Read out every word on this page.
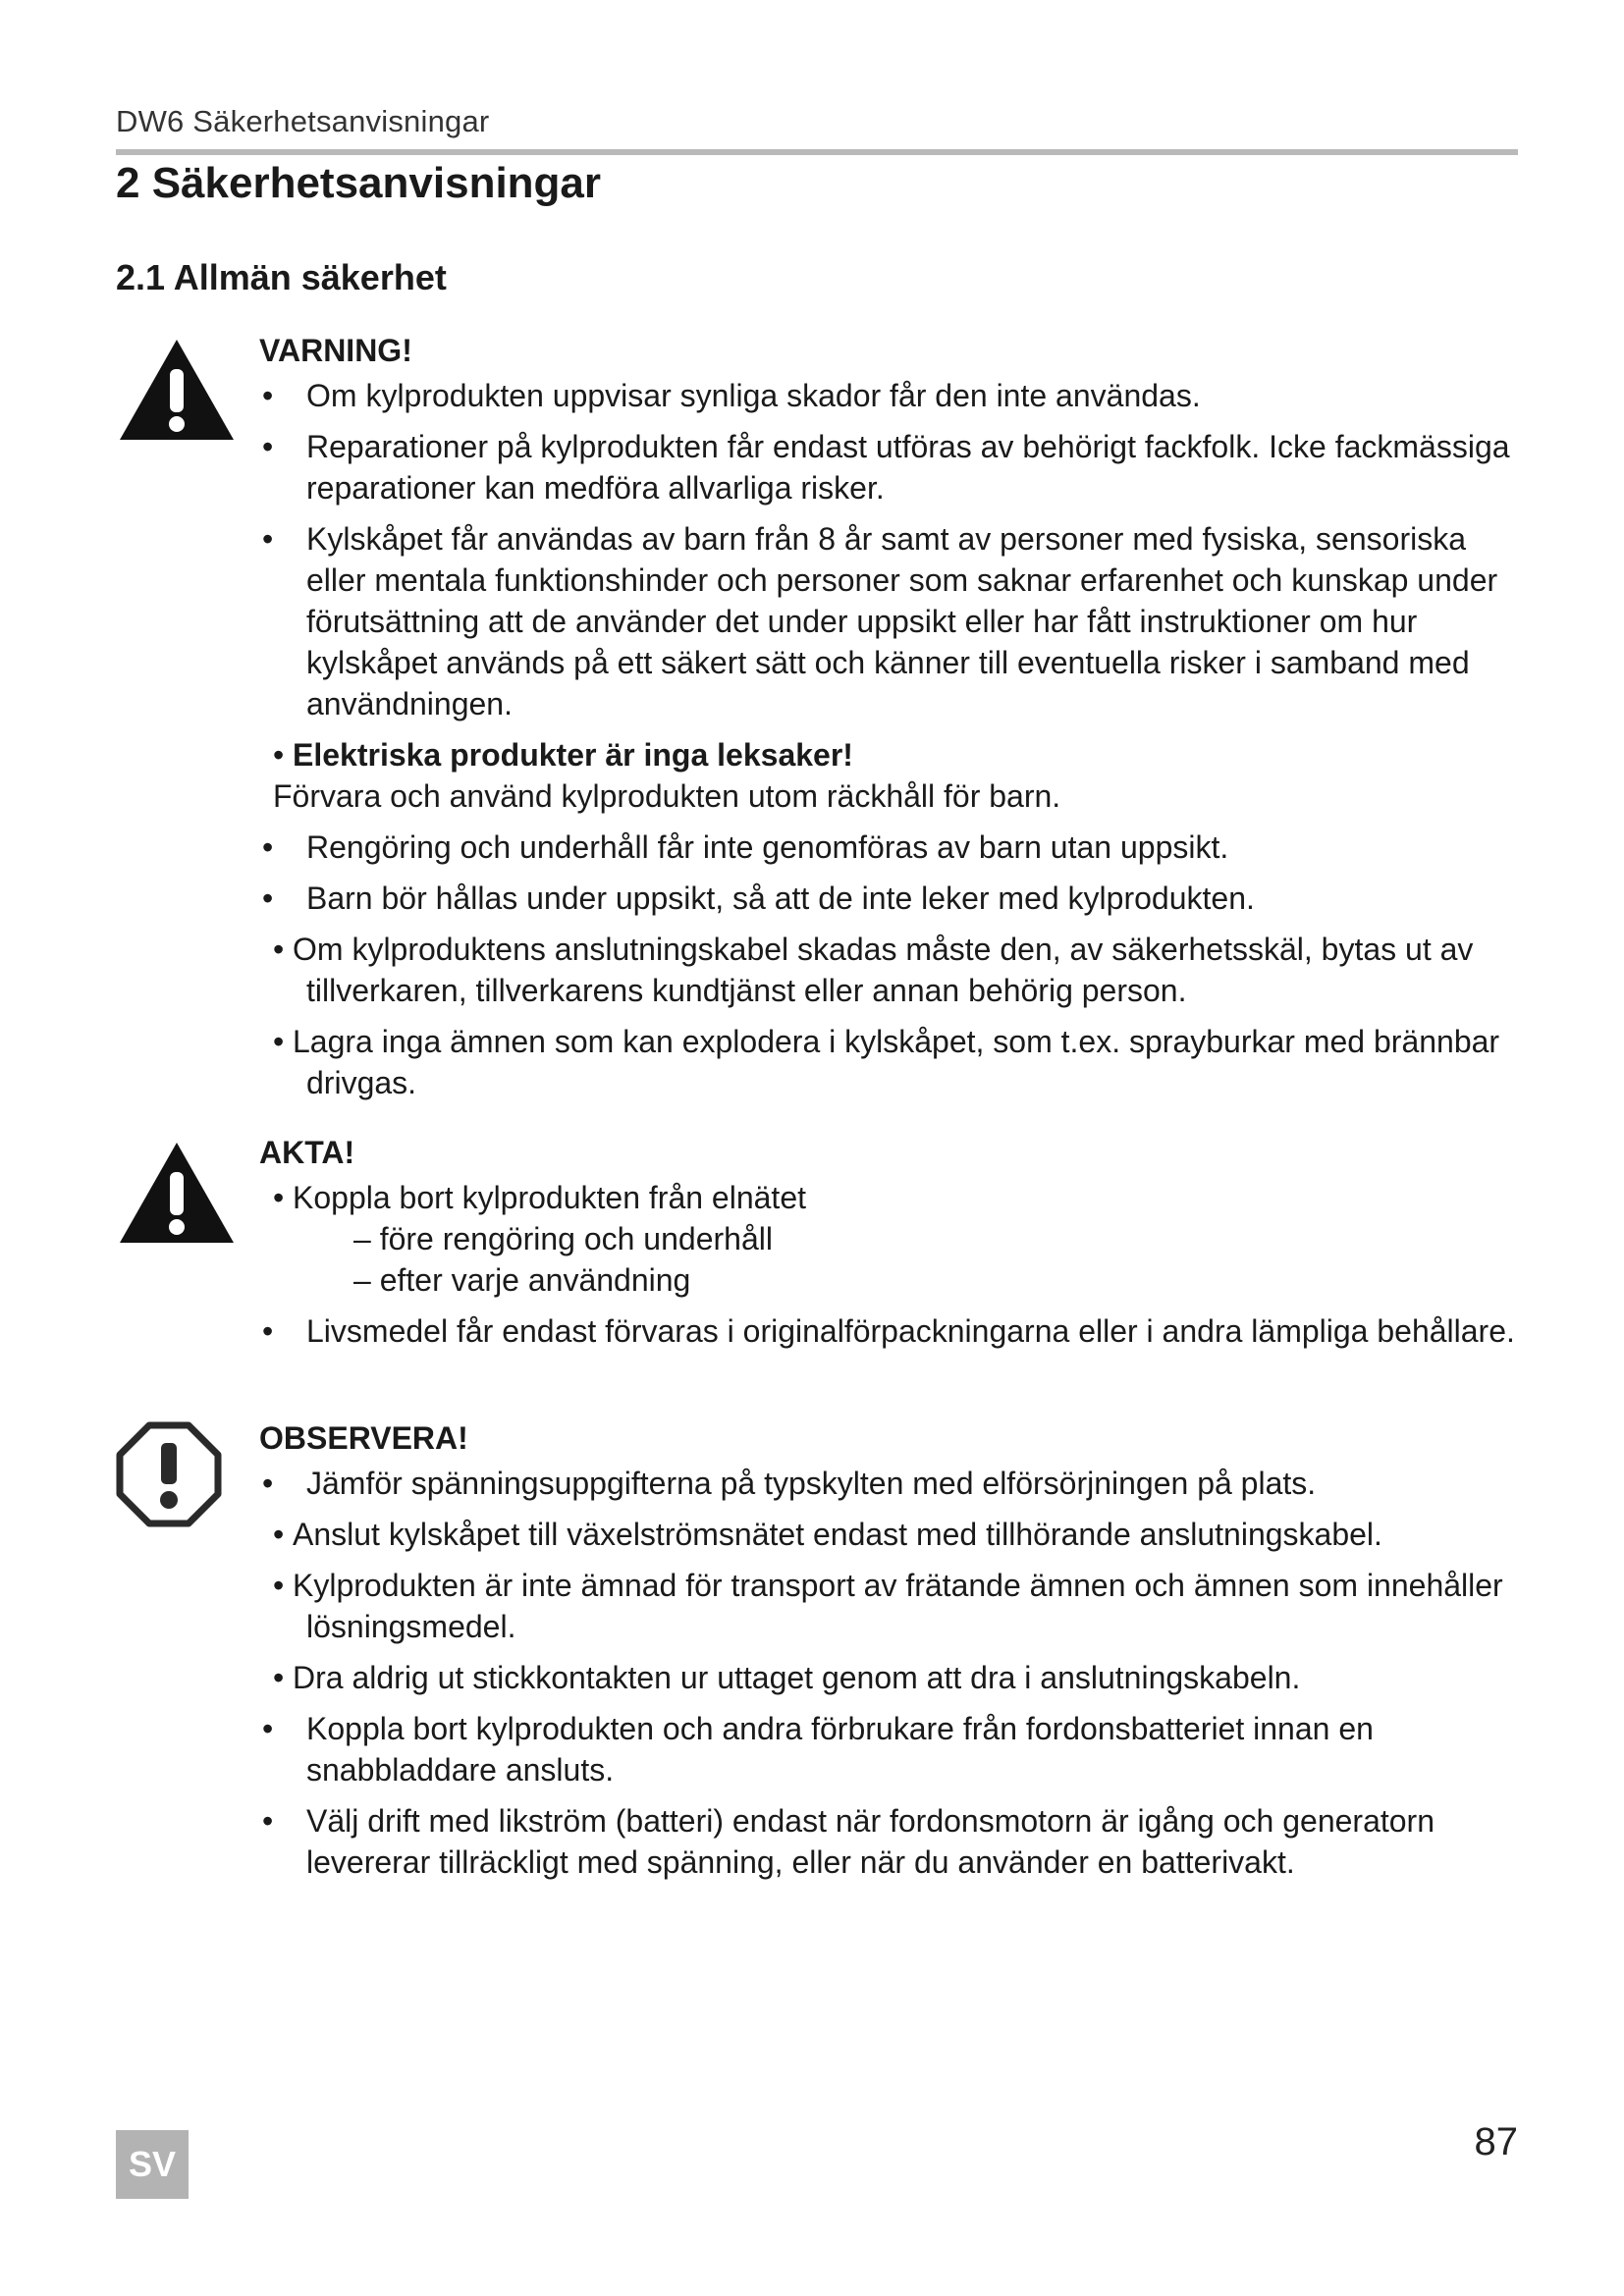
DW6 Säkerhetsanvisningar
2 Säkerhetsanvisningar
2.1 Allmän säkerhet
VARNING!
• Om kylprodukten uppvisar synliga skador får den inte användas.
• Reparationer på kylprodukten får endast utföras av behörigt fackfolk. Icke fackmässiga reparationer kan medföra allvarliga risker.
• Kylskåpet får användas av barn från 8 år samt av personer med fysiska, sensoriska eller mentala funktionshinder och personer som saknar erfarenhet och kunskap under förutsättning att de använder det under uppsikt eller har fått instruktioner om hur kylskåpet används på ett säkert sätt och känner till eventuella risker i samband med användningen.
• Elektriska produkter är inga leksaker!
Förvara och använd kylprodukten utom räckhåll för barn.
• Rengöring och underhåll får inte genomföras av barn utan uppsikt.
• Barn bör hållas under uppsikt, så att de inte leker med kylprodukten.
• Om kylproduktens anslutningskabel skadas måste den, av säkerhetsskäl, bytas ut av tillverkaren, tillverkarens kundtjänst eller annan behörig person.
• Lagra inga ämnen som kan explodera i kylskåpet, som t.ex. sprayburkar med brännbar drivgas.
AKTA!
• Koppla bort kylprodukten från elnätet
– före rengöring och underhåll
– efter varje användning
• Livsmedel får endast förvaras i originalförpackningarna eller i andra lämpliga behållare.
OBSERVERA!
• Jämför spänningsuppgifterna på typskylten med elförsörjningen på plats.
• Anslut kylskåpet till växelströmsnätet endast med tillhörande anslutningskabel.
• Kylprodukten är inte ämnad för transport av frätande ämnen och ämnen som innehåller lösningsmedel.
• Dra aldrig ut stickkontakten ur uttaget genom att dra i anslutningskabeln.
• Koppla bort kylprodukten och andra förbrukare från fordonsbatteriet innan en snabbladdare ansluts.
• Välj drift med likström (batteri) endast när fordonsmotorn är igång och generatorn levererar tillräckligt med spänning, eller när du använder en batterivakt.
SV
87
